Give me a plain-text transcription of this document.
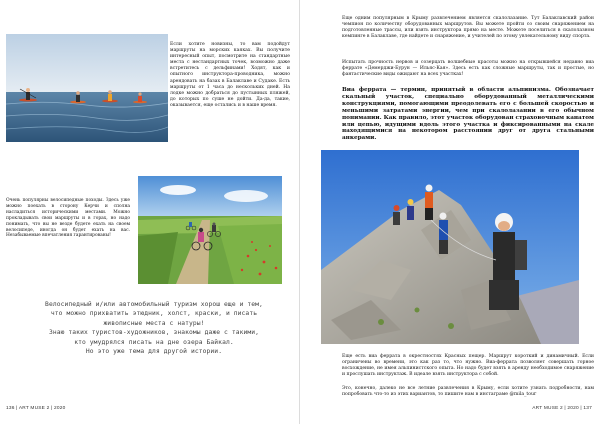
Если хотите новизны, то вам подойдут маршруты на морских каяках. Вы получите интересный опыт, посмотрите на стандартные места с нестандартных точек, возможно даже встретитесь с дельфинами! Ходят, как и опытного инструктора-проводника, можно арендовать на базах в Балаклаве и Судаке. Есть маршруты от 1 часа до нескольких дней. На лодке можно добраться до пустынных пляжей, до которых по суше не дойти. Да-да, такие, оказывается, еще остались и в наше время.
Очень популярны велосипедные походы. Здесь уже можно поехать в сторону Керчи и сполна насладиться историческими местами. Можно прокладывать свои маршруты и в горах, но надо понимать, что вы не везде будете ехать на своем велосипеде, иногда он будет ехать на вас. Незабываемые впечатления гарантированы!

Велосипедный и/или автомобильный туризм хорош еще и тем,

что можно прихватить этюдник, холст, краски, и писать

живописные места с натуры!

Знаю таких туристов-художников, знакомы даже с такими,

кто умудрялся писать на дне озера Байкал.

Но это уже тема для другой истории.

136 | ART MUSE 2 | 2020
Еще одним популярным в Крыму развлечением является скалолазание. Тут Балаклавский район чемпион по количеству оборудованных маршрутов. Вы можете пройти со своим снаряжением на подготовленные трассы, или взять инструктора прямо на месте. Можете поселиться в скалолазном кемпинге в Балаклаве, где найдете и снаряжение, и учителей по этому увлекательному виду спорта.
Испытать прочность нервов и созерцать волшебные красоты можно на открывшейся недавно виа феррате «Демерджи-Бурун — Ильяс-Кая». Здесь есть как сложные маршруты, так и простые, но фантастические виды ожидают на всех участках!
Виа феррата — термин, принятый в области альпинизма. Обозначает скальный участок, специально оборудованный металлическими конструкциями, помогающими преодолевать его с большей скоростью и меньшими затратами энергии, чем при скалолазании в его обычном понимании. Как правило, этот участок оборудован страховочным канатом или цепью, идущими вдоль этого участка и фиксированными на скале находящимися на некотором расстоянии друг от друга стальными анкерами.
Еще есть виа феррата в окрестностях Красных пещер. Маршрут короткий и динамичный. Если ограничены во времени, это как раз то, что нужно. Виа-феррата позволяет совершать горное восхождение, не имея альпинистского опыта. Но надо будет взять в аренду необходимое снаряжение и прослушать инструктаж. В идеале взять инструктора с собой.
Это, конечно, далеко не все летние развлечения в Крыму, если хотите узнать подробности, нам попробовать что-то из этих вариантов, то пишите нам в инстаграме @mila_tour
ART MUSE 2 | 2020 | 137
